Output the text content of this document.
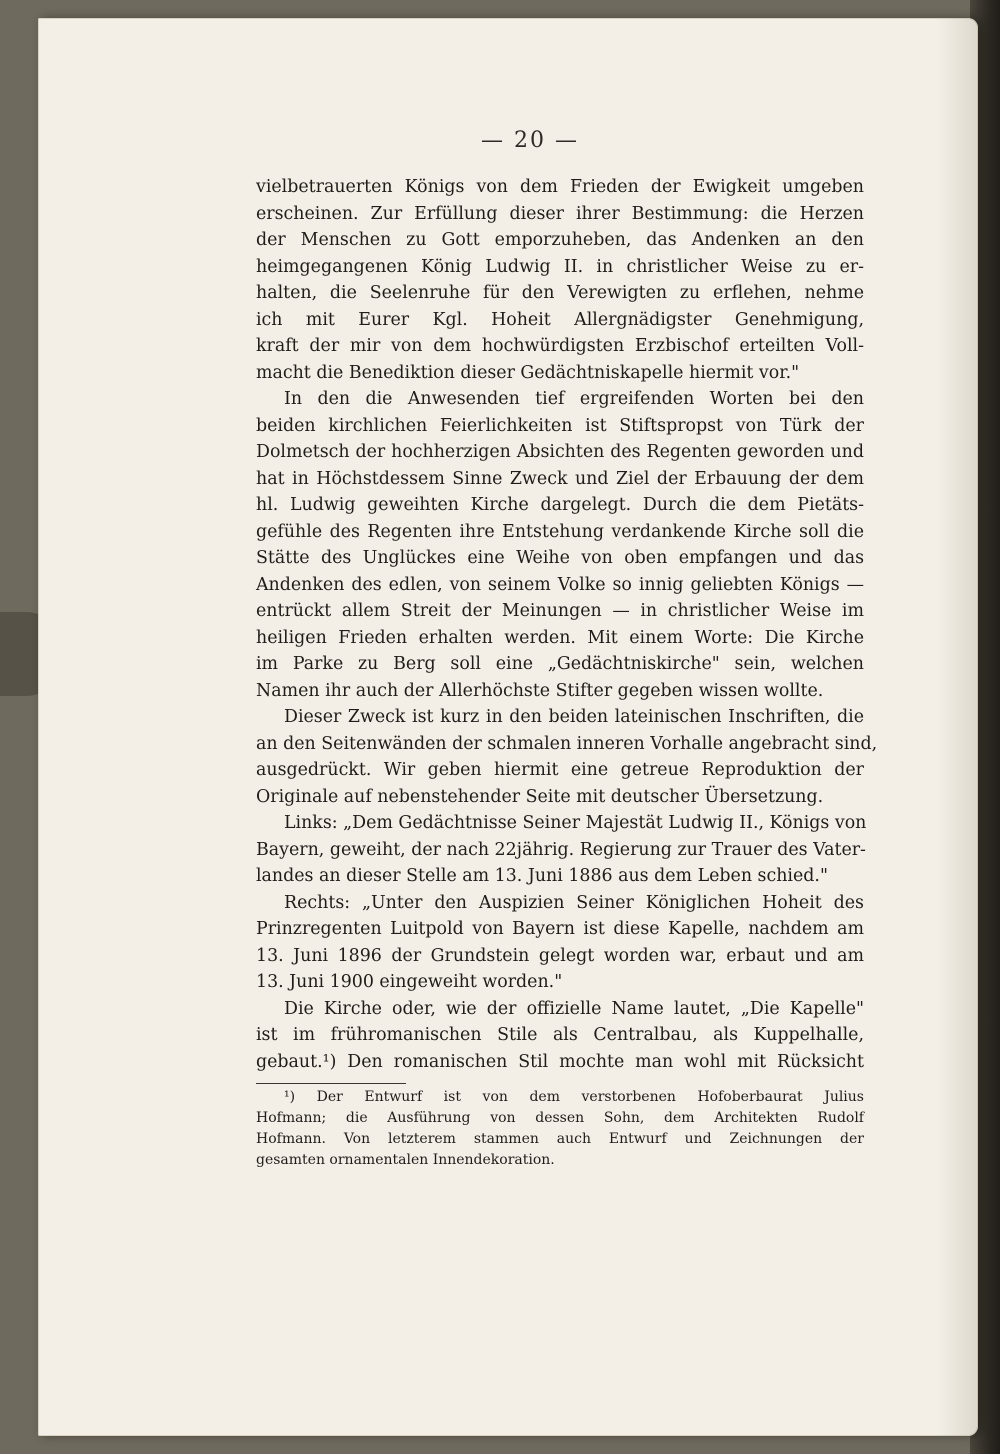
— 20 —
vielbetrauerten Königs von dem Frieden der Ewigkeit umgeben
erscheinen. Zur Erfüllung dieser ihrer Bestimmung: die Herzen
der Menschen zu Gott emporzuheben, das Andenken an den
heimgegangenen König Ludwig II. in christlicher Weise zu er-
halten, die Seelenruhe für den Verewigten zu erflehen, nehme
ich mit Eurer Kgl. Hoheit Allergnädigster Genehmigung,
kraft der mir von dem hochwürdigsten Erzbischof erteilten Voll-
macht die Benediktion dieser Gedächtniskapelle hiermit vor."
In den die Anwesenden tief ergreifenden Worten bei den
beiden kirchlichen Feierlichkeiten ist Stiftspropst von Türk der
Dolmetsch der hochherzigen Absichten des Regenten geworden und
hat in Höchstdessem Sinne Zweck und Ziel der Erbauung der dem
hl. Ludwig geweihten Kirche dargelegt. Durch die dem Pietäts-
gefühle des Regenten ihre Entstehung verdankende Kirche soll die
Stätte des Unglückes eine Weihe von oben empfangen und das
Andenken des edlen, von seinem Volke so innig geliebten Königs —
entrückt allem Streit der Meinungen — in christlicher Weise im
heiligen Frieden erhalten werden. Mit einem Worte: Die Kirche
im Parke zu Berg soll eine „Gedächtniskirche" sein, welchen
Namen ihr auch der Allerhöchste Stifter gegeben wissen wollte.
Dieser Zweck ist kurz in den beiden lateinischen Inschriften, die
an den Seitenwänden der schmalen inneren Vorhalle angebracht sind,
ausgedrückt. Wir geben hiermit eine getreue Reproduktion der
Originale auf nebenstehender Seite mit deutscher Übersetzung.
Links: „Dem Gedächtnisse Seiner Majestät Ludwig II., Königs von
Bayern, geweiht, der nach 22jährig. Regierung zur Trauer des Vater-
landes an dieser Stelle am 13. Juni 1886 aus dem Leben schied."
Rechts: „Unter den Auspizien Seiner Königlichen Hoheit des
Prinzregenten Luitpold von Bayern ist diese Kapelle, nachdem am
13. Juni 1896 der Grundstein gelegt worden war, erbaut und am
13. Juni 1900 eingeweiht worden."
Die Kirche oder, wie der offizielle Name lautet, „Die Kapelle"
ist im frühromanischen Stile als Centralbau, als Kuppelhalle,
gebaut.¹) Den romanischen Stil mochte man wohl mit Rücksicht
¹) Der Entwurf ist von dem verstorbenen Hofoberbaurat Julius
Hofmann; die Ausführung von dessen Sohn, dem Architekten Rudolf
Hofmann. Von letzterem stammen auch Entwurf und Zeichnungen der
gesamten ornamentalen Innendekoration.
